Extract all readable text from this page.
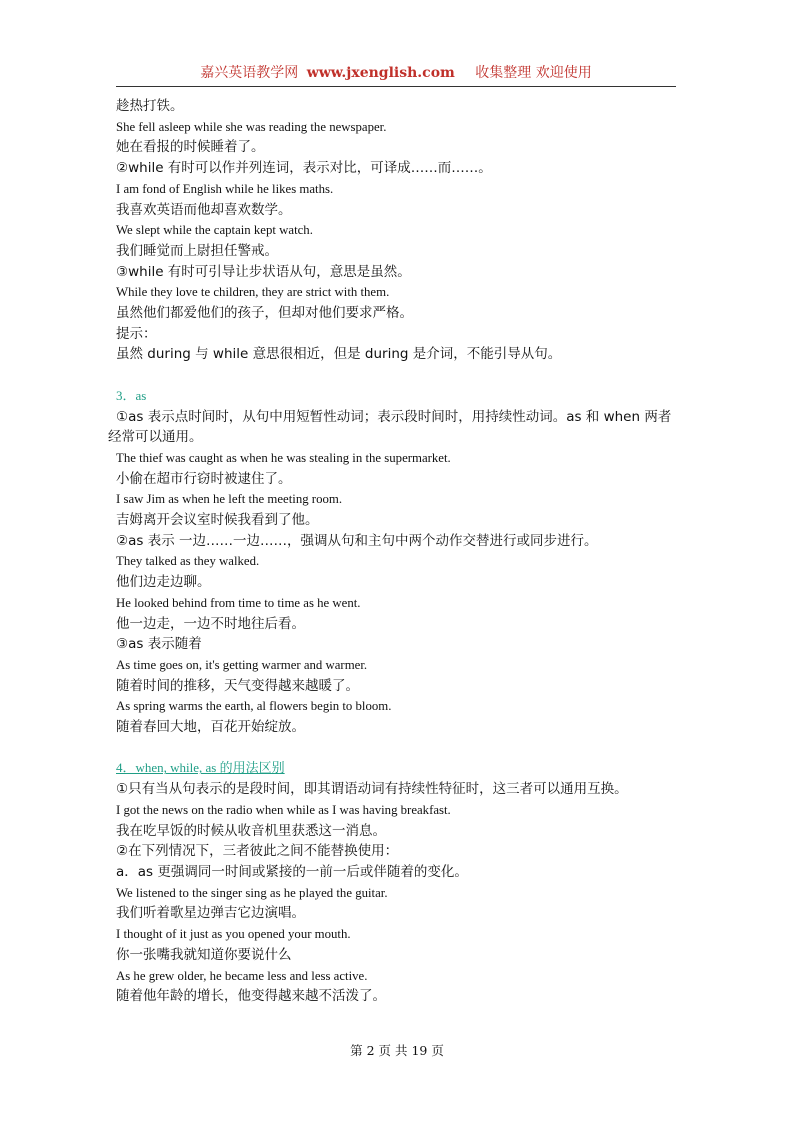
嘉兴英语教学网 www.jxenglish.com 收集整理 欢迎使用
趁热打铁。
She fell asleep while she was reading the newspaper.
她在看报的时候睡着了。
②while 有时可以作并列连词，表示对比，可译成……而……。
I am fond of English while he likes maths.
我喜欢英语而他却喜欢数学。
We slept while the captain kept watch.
我们睡觉而上尉担任警戒。
③while 有时可引导让步状语从句，意思是虽然。
While they love te children, they are strict with them.
虽然他们都爱他们的孩子，但却对他们要求严格。
提示：
虽然 during 与 while 意思很相近，但是 during 是介词，不能引导从句。
3．as
①as 表示点时间时，从句中用短暂性动词；表示段时间时，用持续性动词。as 和 when 两者
经常可以通用。
The thief was caught as when he was stealing in the supermarket.
小偷在超市行窃时被逮住了。
I saw Jim as when he left the meeting room.
吉姆离开会议室时候我看到了他。
②as 表示 一边……一边……，强调从句和主句中两个动作交替进行或同步进行。
They talked as they walked.
他们边走边聊。
He looked behind from time to time as he went.
他一边走，一边不时地往后看。
③as 表示随着
As time goes on, it's getting warmer and warmer.
随着时间的推移，天气变得越来越暖了。
As spring warms the earth, al flowers begin to bloom.
随着春回大地，百花开始绽放。
4．when, while, as 的用法区别
①只有当从句表示的是段时间，即其谓语动词有持续性特征时，这三者可以通用互换。
I got the news on the radio when while as I was having breakfast.
我在吃早饭的时候从收音机里获悉这一消息。
②在下列情况下，三者彼此之间不能替换使用：
a．as 更强调同一时间或紧接的一前一后或伴随着的变化。
We listened to the singer sing as he played the guitar.
我们听着歌星边弹吉它边演唱。
I thought of it just as you opened your mouth.
你一张嘴我就知道你要说什么
As he grew older, he became less and less active.
随着他年龄的增长，他变得越来越不活泼了。
第 2 页 共 19 页
